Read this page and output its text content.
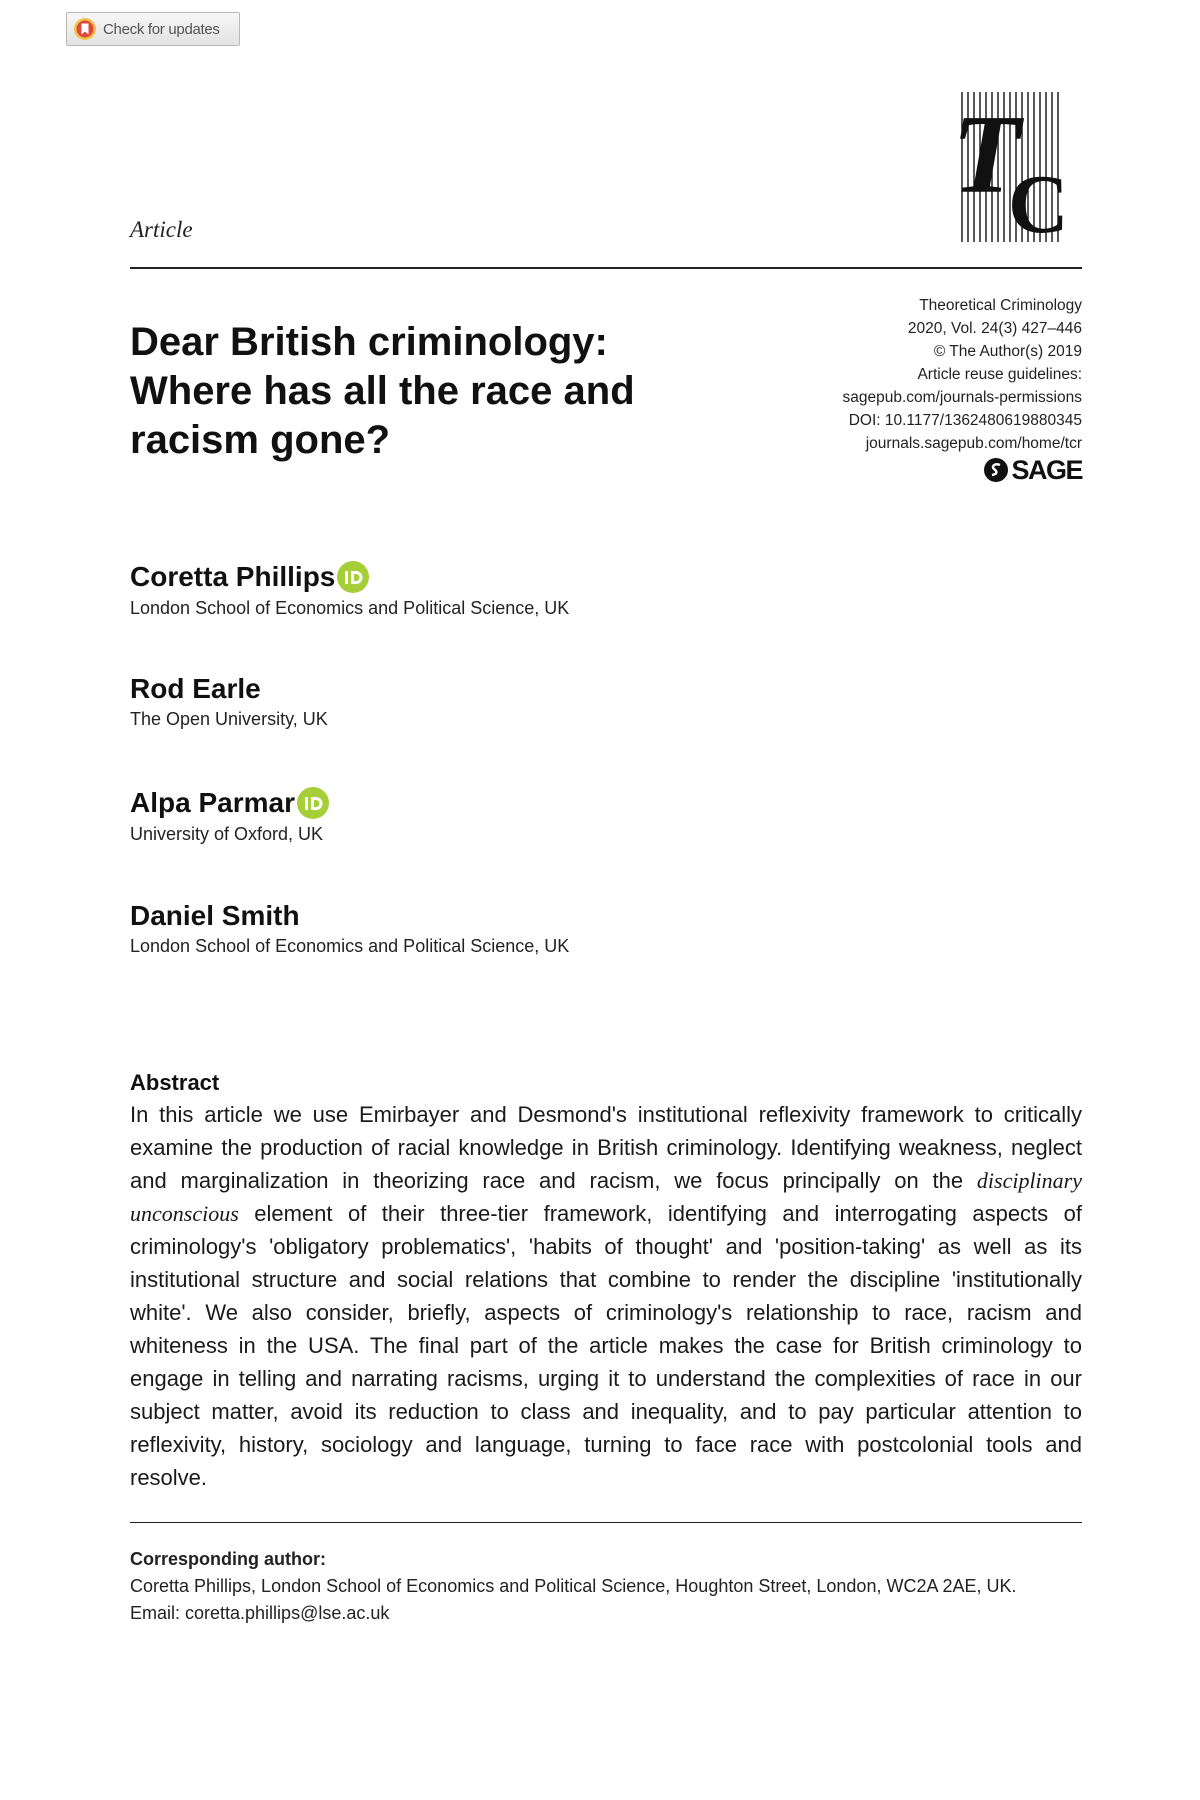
Check for updates
T
C
Article
Dear British criminology: Where has all the race and racism gone?
Theoretical Criminology
2020, Vol. 24(3) 427–446
© The Author(s) 2019
Article reuse guidelines:
sagepub.com/journals-permissions
DOI: 10.1177/1362480619880345
journals.sagepub.com/home/tcr
SAGE
Coretta Phillips
London School of Economics and Political Science, UK
Rod Earle
The Open University, UK
Alpa Parmar
University of Oxford, UK
Daniel Smith
London School of Economics and Political Science, UK
Abstract

In this article we use Emirbayer and Desmond's institutional reflexivity framework to critically examine the production of racial knowledge in British criminology. Identifying weakness, neglect and marginalization in theorizing race and racism, we focus principally on the disciplinary unconscious element of their three-tier framework, identifying and interrogating aspects of criminology's 'obligatory problematics', 'habits of thought' and 'position-taking' as well as its institutional structure and social relations that combine to render the discipline 'institutionally white'. We also consider, briefly, aspects of criminology's relationship to race, racism and whiteness in the USA. The final part of the article makes the case for British criminology to engage in telling and narrating racisms, urging it to understand the complexities of race in our subject matter, avoid its reduction to class and inequality, and to pay particular attention to reflexivity, history, sociology and language, turning to face race with postcolonial tools and resolve.

Corresponding author:
Coretta Phillips, London School of Economics and Political Science, Houghton Street, London, WC2A 2AE, UK.
Email: coretta.phillips@lse.ac.uk
